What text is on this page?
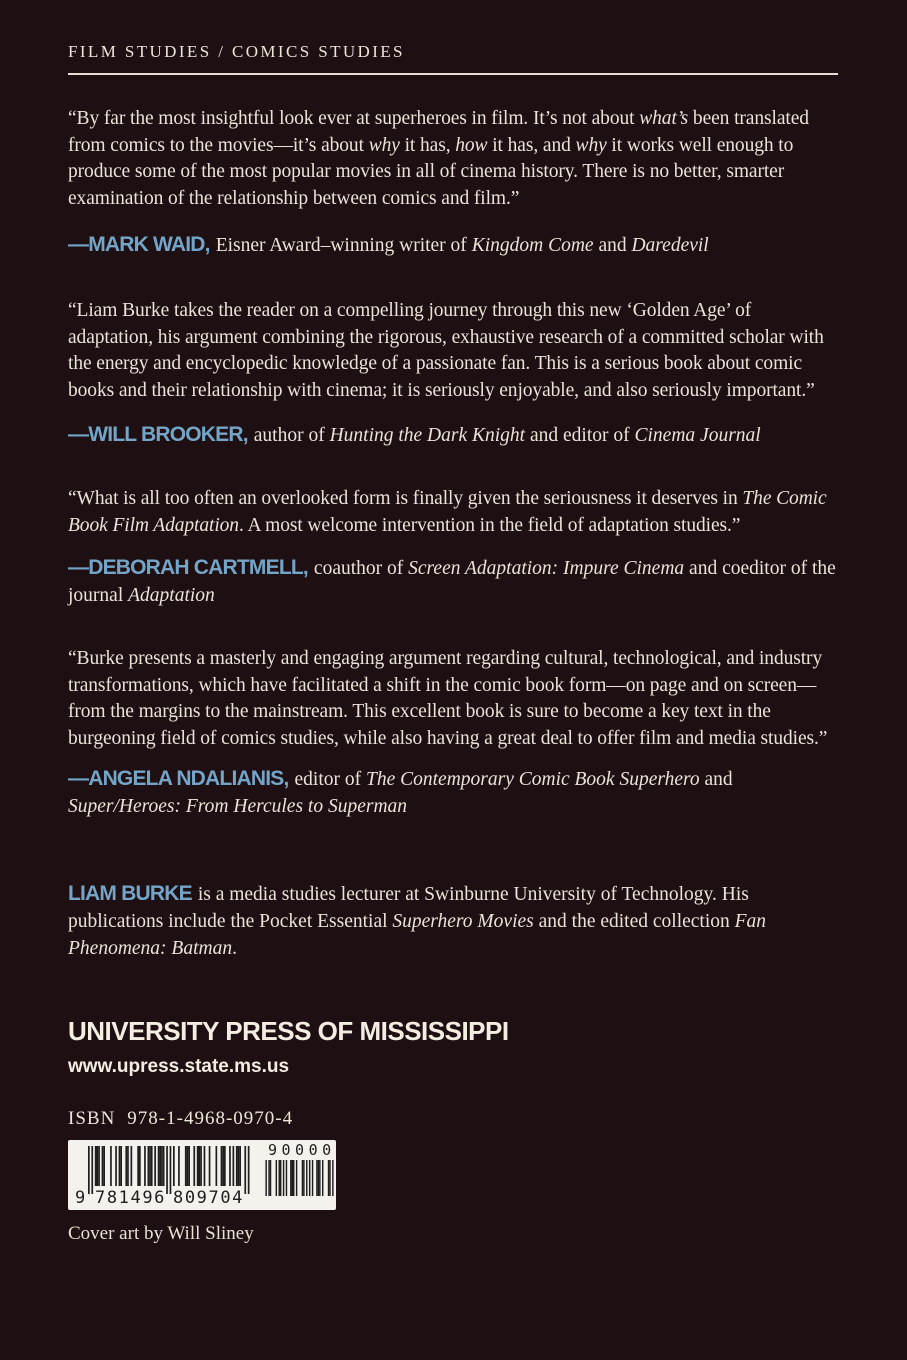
FILM STUDIES / COMICS STUDIES

“By far the most insightful look ever at superheroes in film. It’s not about what’s been translated from comics to the movies—it’s about why it has, how it has, and why it works well enough to produce some of the most popular movies in all of cinema history. There is no better, smarter examination of the relationship between comics and film.”

—MARK WAID, Eisner Award–winning writer of Kingdom Come and Daredevil

“Liam Burke takes the reader on a compelling journey through this new ‘Golden Age’ of adaptation, his argument combining the rigorous, exhaustive research of a committed scholar with the energy and encyclopedic knowledge of a passionate fan. This is a serious book about comic books and their relationship with cinema; it is seriously enjoyable, and also seriously important.”

—WILL BROOKER, author of Hunting the Dark Knight and editor of Cinema Journal

“What is all too often an overlooked form is finally given the seriousness it deserves in The Comic Book Film Adaptation. A most welcome intervention in the field of adaptation studies.”

—DEBORAH CARTMELL, coauthor of Screen Adaptation: Impure Cinema and coeditor of the journal Adaptation

“Burke presents a masterly and engaging argument regarding cultural, technological, and industry transformations, which have facilitated a shift in the comic book form—on page and on screen—from the margins to the mainstream. This excellent book is sure to become a key text in the burgeoning field of comics studies, while also having a great deal to offer film and media studies.”

—ANGELA NDALIANIS, editor of The Contemporary Comic Book Superhero and Super/Heroes: From Hercules to Superman

LIAM BURKE is a media studies lecturer at Swinburne University of Technology. His publications include the Pocket Essential Superhero Movies and the edited collection Fan Phenomena: Batman.

UNIVERSITY PRESS OF MISSISSIPPI

www.upress.state.ms.us

ISBN 978-1-4968-0970-4

9 781496 809704
90000

Cover art by Will Sliney
